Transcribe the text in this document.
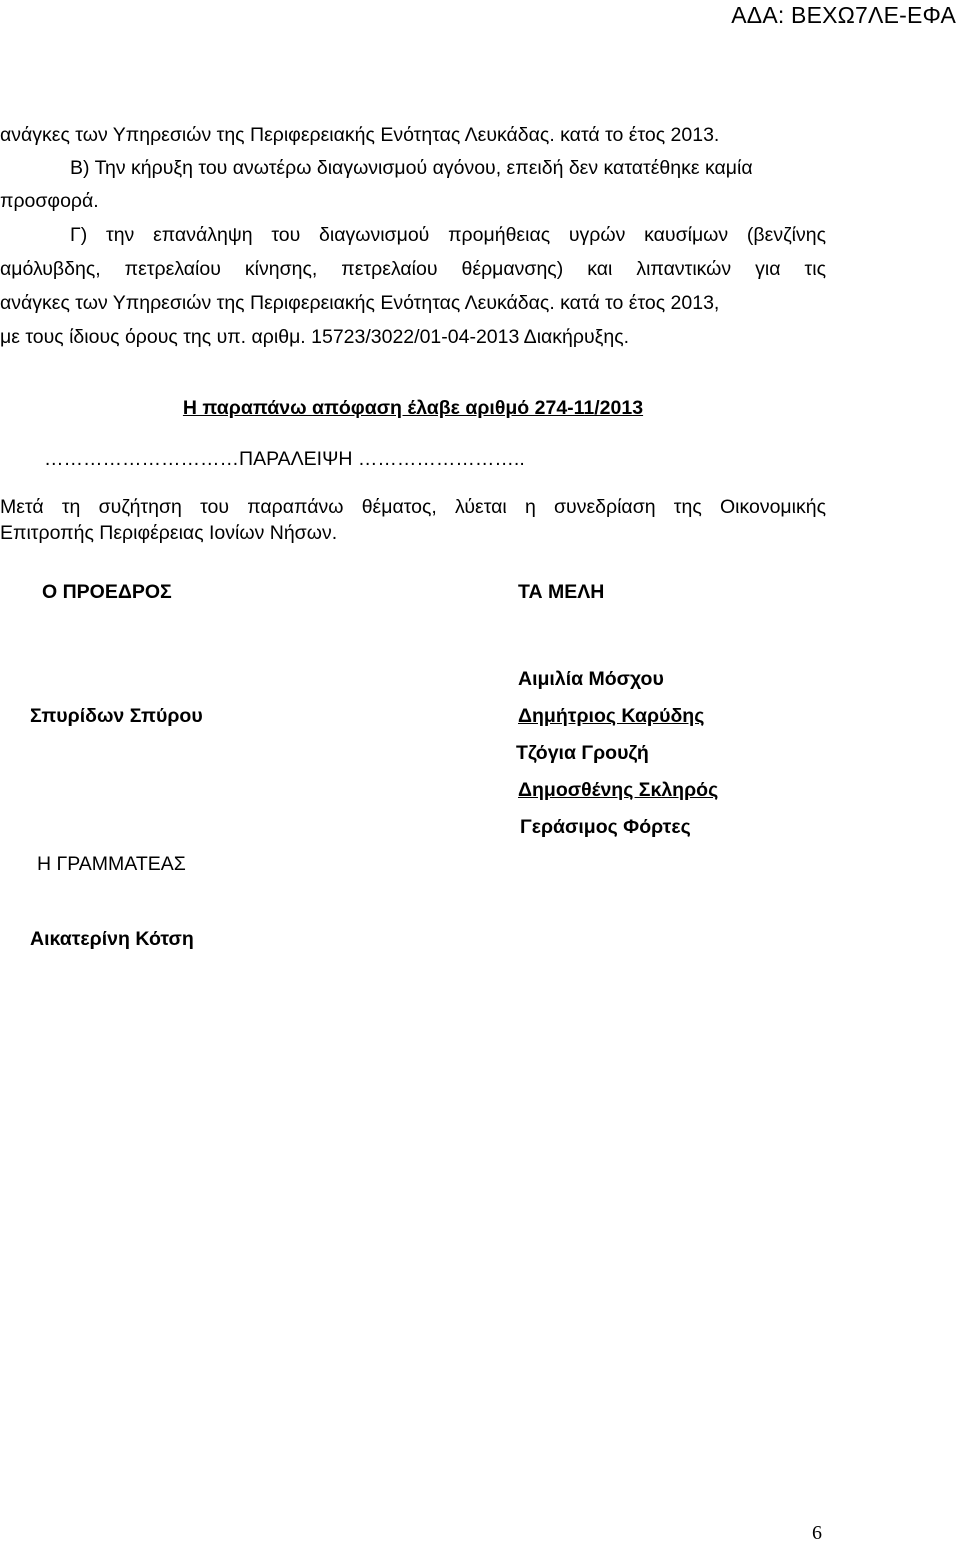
ΑΔΑ: ΒΕΧΩ7ΛΕ-ΕΦΑ
ανάγκες των Υπηρεσιών της Περιφερειακής Ενότητας Λευκάδας. κατά το έτος 2013.
Β) Την κήρυξη του ανωτέρω διαγωνισμού αγόνου, επειδή δεν κατατέθηκε καμία
προσφορά.
Γ) την επανάληψη του διαγωνισμού προμήθειας υγρών καυσίμων (βενζίνης
αμόλυβδης, πετρελαίου κίνησης, πετρελαίου θέρμανσης) και λιπαντικών για τις
ανάγκες των Υπηρεσιών της Περιφερειακής Ενότητας Λευκάδας. κατά το έτος 2013,
με τους ίδιους όρους της υπ. αριθμ. 15723/3022/01-04-2013 Διακήρυξης.
Η παραπάνω απόφαση έλαβε αριθμό 274-11/2013
…………………………ΠΑΡΑΛΕΙΨΗ ……………………..
Μετά τη συζήτηση του παραπάνω θέματος, λύεται η συνεδρίαση της Οικονομικής
Επιτροπής Περιφέρειας Ιονίων Νήσων.
Ο ΠΡΟΕΔΡΟΣ	ΤΑ ΜΕΛΗ
Αιμιλία Μόσχου
Σπυρίδων Σπύρου	Δημήτριος Καρύδης
Τζόγια Γρουζή
Δημοσθένης Σκληρός
Γεράσιμος Φόρτες
Η ΓΡΑΜΜΑΤΕΑΣ
Αικατερίνη Κότση
6
